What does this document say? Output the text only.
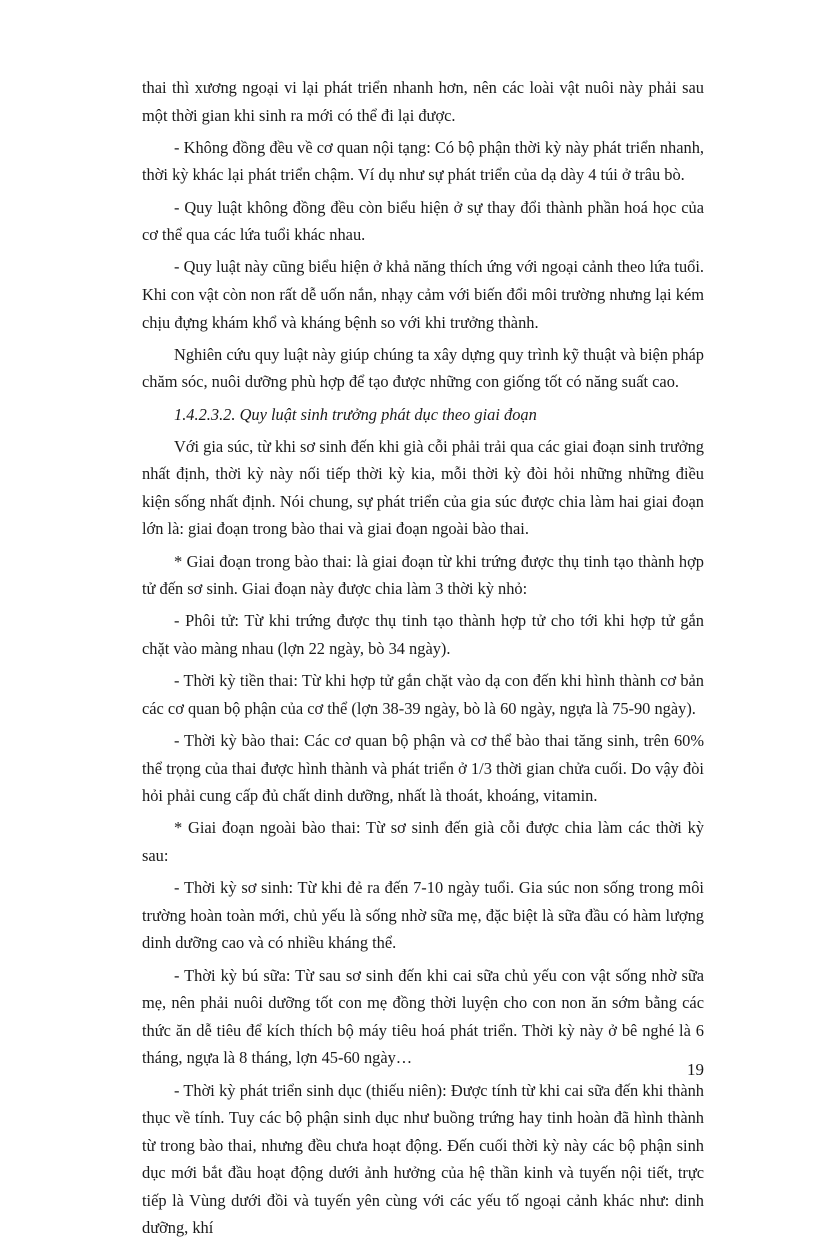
thai thì xương ngoại vi lại phát triển nhanh hơn, nên các loài vật nuôi này phải sau một thời gian khi sinh ra mới có thể đi lại được.

- Không đồng đều về cơ quan nội tạng: Có bộ phận thời kỳ này phát triển nhanh, thời kỳ khác lại phát triển chậm. Ví dụ như sự phát triển của dạ dày 4 túi ở trâu bò.

- Quy luật không đồng đều còn biểu hiện ở sự thay đổi thành phần hoá học của cơ thể qua các lứa tuổi khác nhau.

- Quy luật này cũng biểu hiện ở khả năng thích ứng với ngoại cảnh theo lứa tuổi. Khi con vật còn non rất dễ uốn nắn, nhạy cảm với biến đổi môi trường nhưng lại kém chịu đựng khám khổ và kháng bệnh so với khi trưởng thành.

Nghiên cứu quy luật này giúp chúng ta xây dựng quy trình kỹ thuật và biện pháp chăm sóc, nuôi dưỡng phù hợp để tạo được những con giống tốt có năng suất cao.

1.4.2.3.2. Quy luật sinh trưởng phát dục theo giai đoạn

Với gia súc, từ khi sơ sinh đến khi già cỗi phải trải qua các giai đoạn sinh trưởng nhất định, thời kỳ này nối tiếp thời kỳ kia, mỗi thời kỳ đòi hỏi những những điều kiện sống nhất định. Nói chung, sự phát triển của gia súc được chia làm hai giai đoạn lớn là: giai đoạn trong bào thai và giai đoạn ngoài bào thai.

* Giai đoạn trong bào thai: là giai đoạn từ khi trứng được thụ tinh tạo thành hợp tử đến sơ sinh. Giai đoạn này được chia làm 3 thời kỳ nhỏ:

- Phôi tử: Từ khi trứng được thụ tinh tạo thành hợp tử cho tới khi hợp tử gắn chặt vào màng nhau (lợn 22 ngày, bò 34 ngày).

- Thời kỳ tiền thai: Từ khi hợp tử gắn chặt vào dạ con đến khi hình thành cơ bản các cơ quan bộ phận của cơ thể (lợn 38-39 ngày, bò là 60 ngày, ngựa là 75-90 ngày).

- Thời kỳ bào thai: Các cơ quan bộ phận và cơ thể bào thai tăng sinh, trên 60% thể trọng của thai được hình thành và phát triển ở 1/3 thời gian chửa cuối. Do vậy đòi hỏi phải cung cấp đủ chất dinh dưỡng, nhất là thoát, khoáng, vitamin.

* Giai đoạn ngoài bào thai: Từ sơ sinh đến già cỗi được chia làm các thời kỳ sau:

- Thời kỳ sơ sinh: Từ khi đẻ ra đến 7-10 ngày tuổi. Gia súc non sống trong môi trường hoàn toàn mới, chủ yếu là sống nhờ sữa mẹ, đặc biệt là sữa đầu có hàm lượng dinh dưỡng cao và có nhiều kháng thể.

- Thời kỳ bú sữa: Từ sau sơ sinh đến khi cai sữa chủ yếu con vật sống nhờ sữa mẹ, nên phải nuôi dưỡng tốt con mẹ đồng thời luyện cho con non ăn sớm bằng các thức ăn dễ tiêu để kích thích bộ máy tiêu hoá phát triển. Thời kỳ này ở bê nghé là 6 tháng, ngựa là 8 tháng, lợn 45-60 ngày…

- Thời kỳ phát triển sinh dục (thiếu niên): Được tính từ khi cai sữa đến khi thành thục về tính. Tuy các bộ phận sinh dục như buồng trứng hay tinh hoàn đã hình thành từ trong bào thai, nhưng đều chưa hoạt động. Đến cuối thời kỳ này các bộ phận sinh dục mới bắt đầu hoạt động dưới ảnh hưởng của hệ thần kinh và tuyến nội tiết, trực tiếp là Vùng dưới đồi và tuyến yên cùng với các yếu tố ngoại cảnh khác như: dinh dưỡng, khí

19
